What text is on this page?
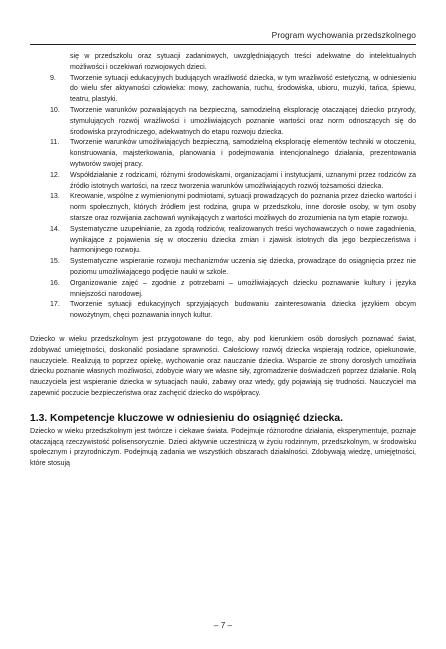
Program wychowania przedszkolnego
się w przedszkolu oraz sytuacji zadaniowych, uwzględniających treści adekwatne do intelektualnych możliwości i oczekiwań rozwojowych dzieci.
9. Tworzenie sytuacji edukacyjnych budujących wrażliwość dziecka, w tym wrażliwość estetyczną, w odniesieniu do wielu sfer aktywności człowieka: mowy, zachowania, ruchu, środowiska, ubioru, muzyki, tańca, śpiewu, teatru, plastyki.
10. Tworzenie warunków pozwalających na bezpieczną, samodzielną eksplorację otaczającej dziecko przyrody, stymulujących rozwój wrażliwości i umożliwiających poznanie wartości oraz norm odnoszących się do środowiska przyrodniczego, adekwatnych do etapu rozwoju dziecka.
11. Tworzenie warunków umożliwiających bezpieczną, samodzielną eksplorację elementów techniki w otoczeniu, konstruowania, majsterkowania, planowania i podejmowania intencjonalnego działania, prezentowania wytworów swojej pracy.
12. Współdziałanie z rodzicami, różnymi środowiskami, organizacjami i instytucjami, uznanymi przez rodziców za źródło istotnych wartości, na rzecz tworzenia warunków umożliwiających rozwój tożsamości dziecka.
13. Kreowanie, wspólne z wymienionymi podmiotami, sytuacji prowadzących do poznania przez dziecko wartości i norm społecznych, których źródłem jest rodzina, grupa w przedszkolu, inne dorosłe osoby, w tym osoby starsze oraz rozwijania zachowań wynikających z wartości możliwych do zrozumienia na tym etapie rozwoju.
14. Systematyczne uzupełnianie, za zgodą rodziców, realizowanych treści wychowawczych o nowe zagadnienia, wynikające z pojawienia się w otoczeniu dziecka zmian i zjawisk istotnych dla jego bezpieczeństwa i harmonijnego rozwoju.
15. Systematyczne wspieranie rozwoju mechanizmów uczenia się dziecka, prowadzące do osiągnięcia przez nie poziomu umożliwiającego podjęcie nauki w szkole.
16. Organizowanie zajęć – zgodnie z potrzebami – umożliwiających dziecku poznawanie kultury i języka mniejszości narodowej.
17. Tworzenie sytuacji edukacyjnych sprzyjających budowaniu zainteresowania dziecka językiem obcym nowożytnym, chęci poznawania innych kultur.

Dziecko w wieku przedszkolnym jest przygotowane do tego, aby pod kierunkiem osób dorosłych poznawać świat, zdobywać umiejętności, doskonalić posiadane sprawności. Całościowy rozwój dziecka wspierają rodzice, opiekunowie, nauczyciele. Realizują to poprzez opiekę, wychowanie oraz nauczanie dziecka. Wsparcie ze strony dorosłych umożliwia dziecku poznanie własnych możliwości, zdobycie wiary we własne siły, zgromadzenie doświadczeń poprzez działanie. Rolą nauczyciela jest wspieranie dziecka w sytuacjach nauki, zabawy oraz wtedy, gdy pojawiają się trudności. Nauczyciel ma zapewnić poczucie bezpieczeństwa oraz zachęcić dziecko do współpracy.

1.3. Kompetencje kluczowe w odniesieniu do osiągnięć dziecka.

Dziecko w wieku przedszkolnym jest twórcze i ciekawe świata. Podejmuje różnorodne działania, eksperymentuje, poznaje otaczającą rzeczywistość polisensorycznie. Dzieci aktywnie uczestniczą w życiu rodzinnym, przedszkolnym, w środowisku społecznym i przyrodniczym. Podejmują zadania we wszystkich obszarach działalności. Zdobywają wiedzę, umiejętności, które stosują

– 7 –
